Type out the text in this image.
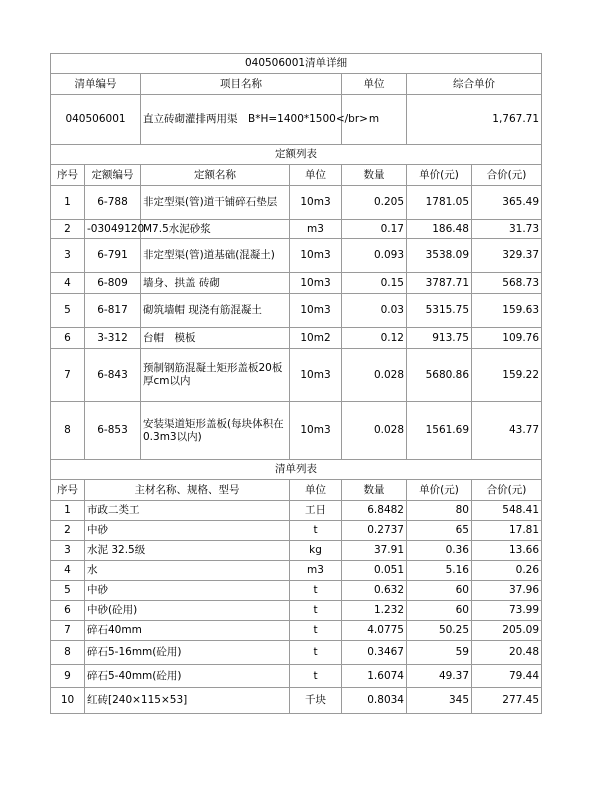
040506001清单详细						
清单编号		项目名称		单位	综合单价	
040506001		直立砖砌灌排两用渠　B*H=1400*1500</br>		m	1,767.71	
定额列表						
序号	定额编号	定额名称	单位	数量	单价(元)	合价(元)
1	6-788	非定型渠(管)道干铺碎石垫层	10m3	0.205	1781.05	365.49
2	-03049120	M7.5水泥砂浆	m3	0.17	186.48	31.73
3	6-791	非定型渠(管)道基础(混凝土)	10m3	0.093	3538.09	329.37
4	6-809	墙身、拱盖 砖砌	10m3	0.15	3787.71	568.73
5	6-817	砌筑墙帽 现浇有筋混凝土	10m3	0.03	5315.75	159.63
6	3-312	台帽　模板	10m2	0.12	913.75	109.76
7	6-843	预制钢筋混凝土矩形盖板20板厚cm以内	10m3	0.028	5680.86	159.22
8	6-853	安装渠道矩形盖板(每块体积在0.3m3以内)	10m3	0.028	1561.69	43.77
清单列表						
序号	主材名称、规格、型号		单位	数量	单价(元)	合价(元)
1	市政二类工		工日	6.8482	80	548.41
2	中砂		t	0.2737	65	17.81
3	水泥 32.5级		kg	37.91	0.36	13.66
4	水		m3	0.051	5.16	0.26
5	中砂		t	0.632	60	37.96
6	中砂(砼用)		t	1.232	60	73.99
7	碎石40mm		t	4.0775	50.25	205.09
8	碎石5-16mm(砼用)		t	0.3467	59	20.48
9	碎石5-40mm(砼用)		t	1.6074	49.37	79.44
10	红砖[240×115×53]		千块	0.8034	345	277.45
